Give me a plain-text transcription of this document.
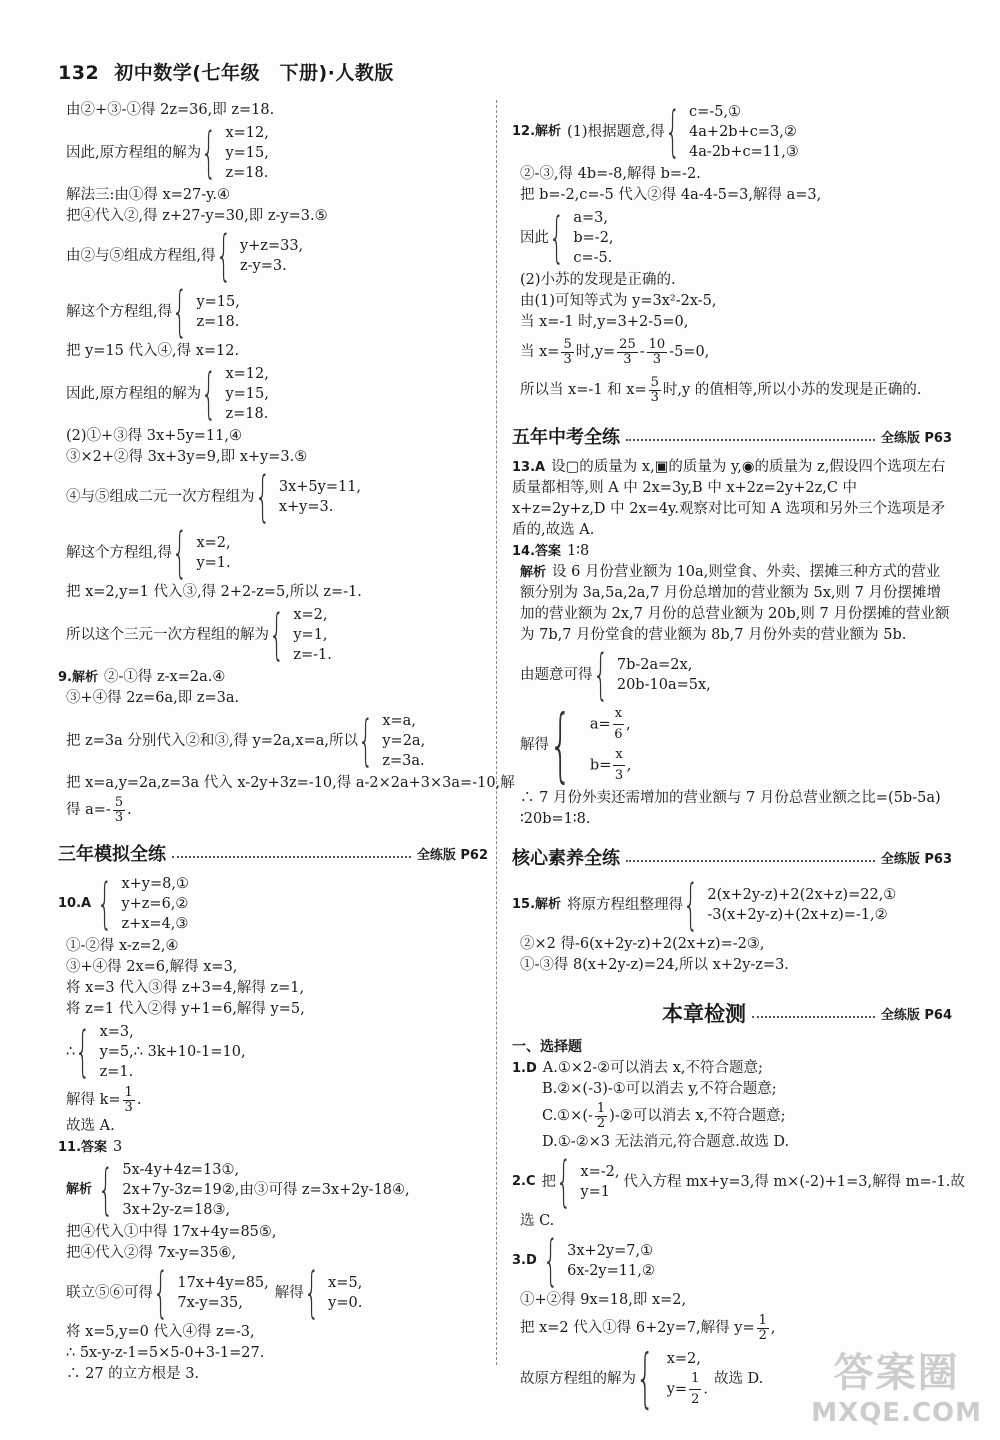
132 初中数学(七年级　下册)·人教版
由②+③-①得 2z=36,即 z=18.
因此,原方程组的解为 { x=12,
y=15,
z=18.
解法三:由①得 x=27-y.④
把④代入②,得 z+27-y=30,即 z-y=3.⑤
由②与⑤组成方程组,得 { y+z=33,
z-y=3.
解这个方程组,得 { y=15,
z=18.
把 y=15 代入④,得 x=12.
因此,原方程组的解为 { x=12,
y=15,
z=18.
(2)①+③得 3x+5y=11,④
③×2+②得 3x+3y=9,即 x+y=3.⑤
④与⑤组成二元一次方程组为 { 3x+5y=11,
x+y=3.
解这个方程组,得 { x=2,
y=1.
把 x=2,y=1 代入③,得 2+2-z=5,所以 z=-1.
所以这个三元一次方程组的解为 { x=2,
y=1,
z=-1.
9.解析 ②-①得 z-x=2a.④
③+④得 2z=6a,即 z=3a.
把 z=3a 分别代入②和③,得 y=2a,x=a,所以 { x=a,
y=2a,
z=3a.
把 x=a,y=2a,z=3a 代入 x-2y+3z=-10,得 a-2×2a+3×3a=-10,解
得 $a=- \frac{5}{3}$ .
三年模拟全练	全练版 P62
10.A { x+y=8,①
y+z=6,②
z+x=4,③
①-②得 x-z=2,④
③+④得 2x=6,解得 x=3,
将 x=3 代入③得 z+3=4,解得 z=1,
将 z=1 代入②得 y+1=6,解得 y=5,
∴ { x=3,
y=5,∴ 3k+10-1=10,
z=1.
解得 $k= \frac{1}{3}$ .
故选 A.
11.答案 3
解析 { 5x-4y+4z=13①,
2x+7y-3z=19②,由③可得 z=3x+2y-18④,
3x+2y-z=18③,
把④代入①中得 17x+4y=85⑤,
把④代入②得 7x-y=35⑥,
联立⑤⑥可得 { 17x+4y=85,
7x-y=35,
解得 { x=5,
y=0.
将 x=5,y=0 代入④得 z=-3,
∴ 5x-y-z-1=5×5-0+3-1=27.
∴ 27 的立方根是 3.
12.解析 (1)根据题意,得 { c=-5,①
4a+2b+c=3,②
4a-2b+c=11,③
②-③,得 4b=-8,解得 b=-2.
把 b=-2,c=-5 代入②得 4a-4-5=3,解得 a=3,
因此 { a=3,
b=-2,
c=-5.
(2)小苏的发现是正确的.
由(1)可知等式为 y=3x²-2x-5,
当 x=-1 时,y=3+2-5=0,
当 $x= \frac{5}{3}$ 时$,y= \frac{25}{3} - \frac{10}{3} -5=0$,
所以当 x=-1 和 $x= \frac{5}{3}$ 时,y 的值相等,所以小苏的发现是正确的.
五年中考全练	全练版 P63
13.A 设▢的质量为 x,▣的质量为 y,◉的质量为 z,假设四个选项左右质量都相等,则 A 中 2x=3y,B 中 x+2z=2y+2z,C 中 x+z=2y+z,D 中 2x=4y.观察对比可知 A 选项和另外三个选项是矛盾的,故选 A.
14.答案 1∶8
解析 设 6 月份营业额为 10a,则堂食、外卖、摆摊三种方式的营业额分别为 3a,5a,2a,7 月份总增加的营业额为 5x,则 7 月份摆摊增加的营业额为 2x,7 月份的总营业额为 20b,则 7 月份摆摊的营业额为 7b,7 月份堂食的营业额为 8b,7 月份外卖的营业额为 5b.
由题意可得 { 7b-2a=2x,
20b-10a=5x,
解得 { $a= \frac{x}{6}$ ,
$b= \frac{x}{3}$ ,
∴ 7 月份外卖还需增加的营业额与 7 月份总营业额之比=(5b-5a)
∶20b=1∶8.
核心素养全练	全练版 P63
15.解析 将原方程组整理得 { 2(x+2y-z)+2(2x+z)=22,①
-3(x+2y-z)+(2x+z)=-1,②
②×2 得-6(x+2y-z)+2(2x+z)=-2③,
①-③得 8(x+2y-z)=24,所以 x+2y-z=3.
本章检测	全练版 P64
一、选择题
1.D A.①×2-②可以消去 x,不符合题意;
B.②×(-3)-①可以消去 y,不符合题意;
C.①×(- $\frac{1}{2}$ )-②可以消去 x,不符合题意;
D.①-②×3 无法消元,符合题意.故选 D.
2.C 把 { x=-2,
y=1
代入方程 mx+y=3,得 m×(-2)+1=3,解得 m=-1.故
选 C.
3.D { 3x+2y=7,①
6x-2y=11,②
①+②得 9x=18,即 x=2,
把 x=2 代入①得 6+2y=7,解得 $y= \frac{1}{2}$ ,
故原方程组的解为 { x=2,
$y= \frac{1}{2}$ .
故选 D.	答案圈
MXQE.COM
